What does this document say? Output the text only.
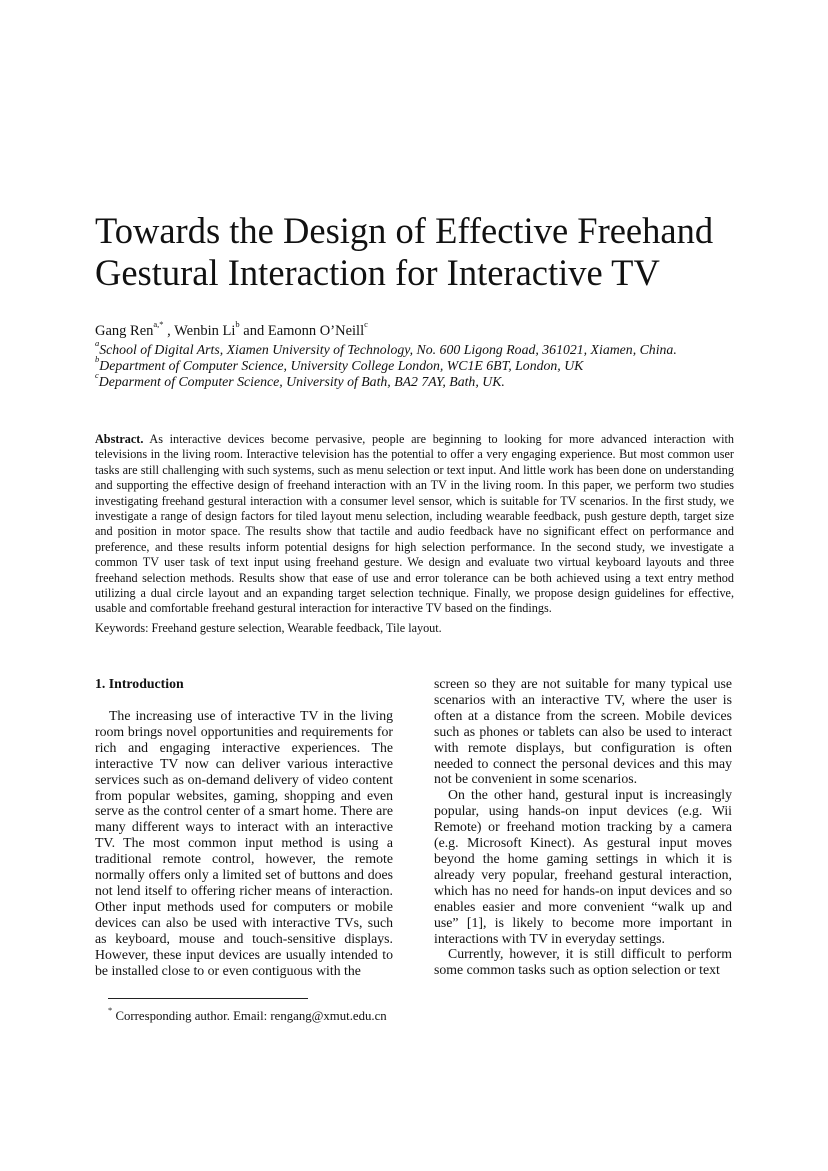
Towards the Design of Effective Freehand
Gestural Interaction for Interactive TV
Gang Ren$^{a,*}$ , Wenbin Li$^b$ and Eamonn O’Neill$^c$
$^a$School of Digital Arts, Xiamen University of Technology, No. 600 Ligong Road, 361021, Xiamen, China.
$^b$Department of Computer Science, University College London, WC1E 6BT, London, UK
$^c$Deparment of Computer Science, University of Bath, BA2 7AY, Bath, UK.

Abstract. As interactive devices become pervasive, people are beginning to looking for more advanced interaction with televisions in the living room. Interactive television has the potential to offer a very engaging experience. But most common user tasks are still challenging with such systems, such as menu selection or text input. And little work has been done on understanding and supporting the effective design of freehand interaction with an TV in the living room. In this paper, we perform two studies investigating freehand gestural interaction with a consumer level sensor, which is suitable for TV scenarios. In the first study, we investigate a range of design factors for tiled layout menu selection, including wearable feedback, push gesture depth, target size and position in motor space. The results show that tactile and audio feedback have no significant effect on performance and preference, and these results inform potential designs for high selection performance. In the second study, we investigate a common TV user task of text input using freehand gesture. We design and evaluate two virtual keyboard layouts and three freehand selection methods. Results show that ease of use and error tolerance can be both achieved using a text entry method utilizing a dual circle layout and an expanding target selection technique. Finally, we propose design guidelines for effective, usable and comfortable freehand gestural interaction for interactive TV based on the findings.

Keywords: Freehand gesture selection, Wearable feedback, Tile layout.
1. Introduction

The increasing use of interactive TV in the living room brings novel opportunities and requirements for rich and engaging interactive experiences. The interactive TV now can deliver various interactive services such as on-demand delivery of video content from popular websites, gaming, shopping and even serve as the control center of a smart home. There are many different ways to interact with an interactive TV. The most common input method is using a traditional remote control, however, the remote normally offers only a limited set of buttons and does not lend itself to offering richer means of interaction. Other input methods used for computers or mobile devices can also be used with interactive TVs, such as keyboard, mouse and touch-sensitive displays. However, these input devices are usually intended to be installed close to or even contiguous with the

screen so they are not suitable for many typical use scenarios with an interactive TV, where the user is often at a distance from the screen. Mobile devices such as phones or tablets can also be used to interact with remote displays, but configuration is often needed to connect the personal devices and this may not be convenient in some scenarios.

On the other hand, gestural input is increasingly popular, using hands-on input devices (e.g. Wii Remote) or freehand motion tracking by a camera (e.g. Microsoft Kinect). As gestural input moves beyond the home gaming settings in which it is already very popular, freehand gestural interaction, which has no need for hands-on input devices and so enables easier and more convenient “walk up and use” [1], is likely to become more important in interactions with TV in everyday settings.

Currently, however, it is still difficult to perform some common tasks such as option selection or text

* Corresponding author. Email: rengang@xmut.edu.cn
